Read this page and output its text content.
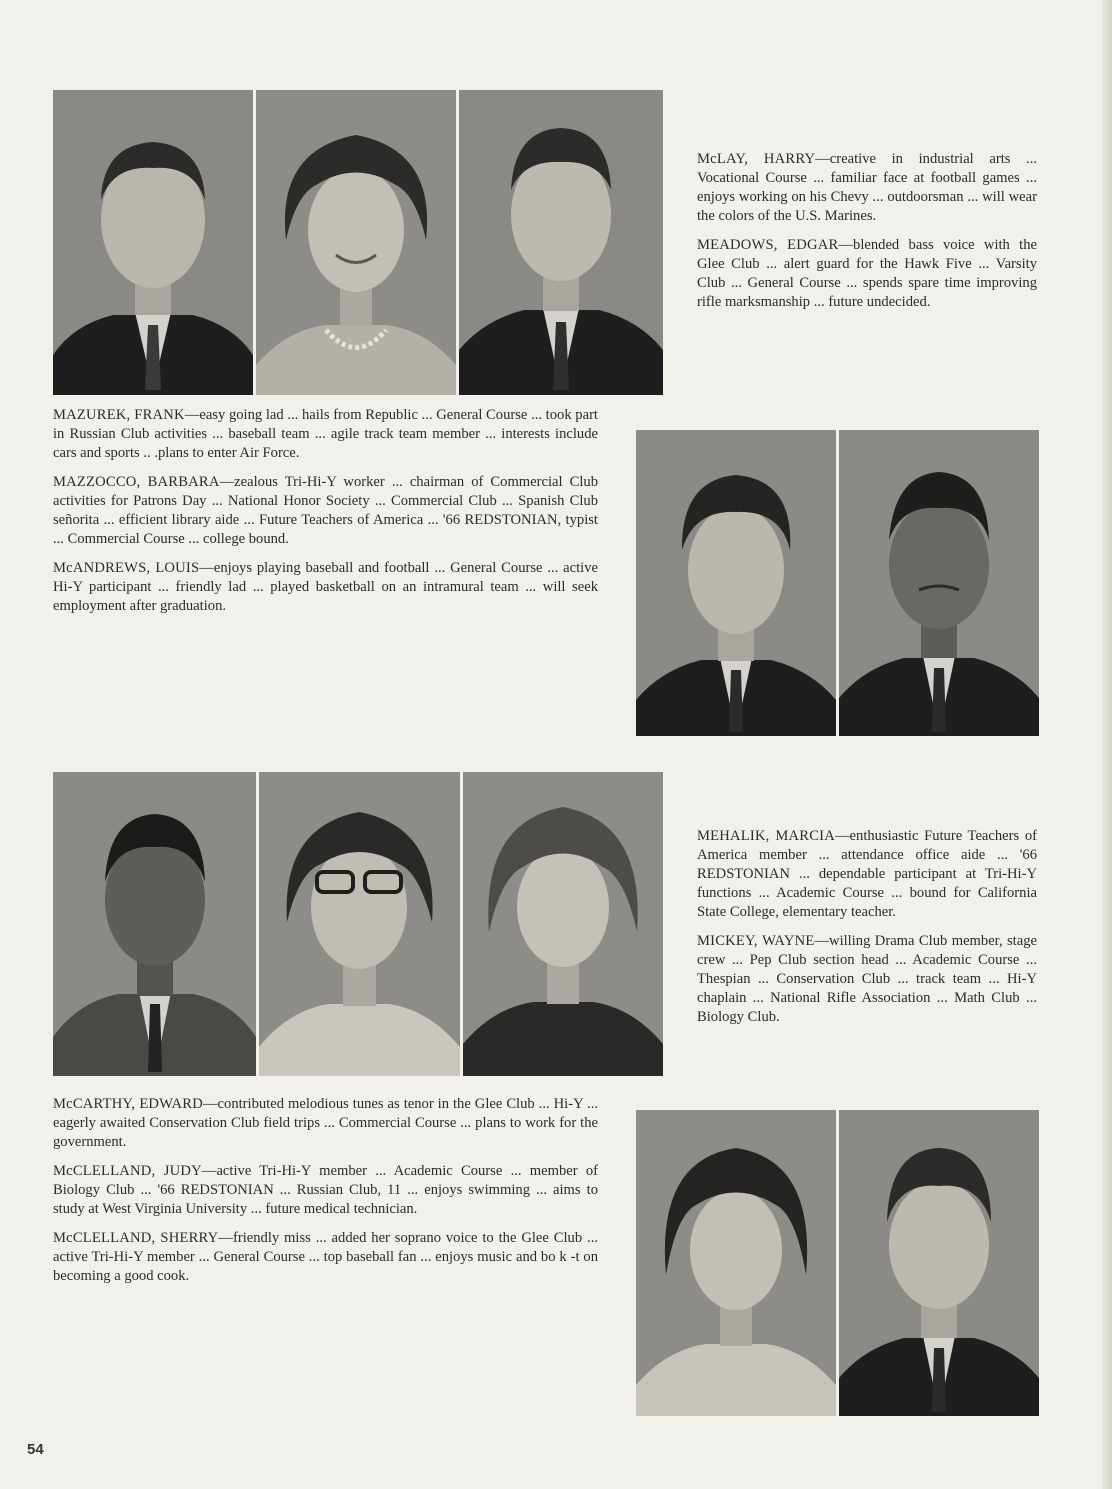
McLAY, HARRY—creative in industrial arts ... Vocational Course ... familiar face at football games ... enjoys working on his Chevy ... outdoorsman ... will wear the colors of the U.S. Marines.

MEADOWS, EDGAR—blended bass voice with the Glee Club ... alert guard for the Hawk Five ... Varsity Club ... General Course ... spends spare time improving rifle marksmanship ... future undecided.

MAZUREK, FRANK—easy going lad ... hails from Republic ... General Course ... took part in Russian Club activities ... baseball team ... agile track team member ... interests include cars and sports .. .plans to enter Air Force.

MAZZOCCO, BARBARA—zealous Tri-Hi-Y worker ... chairman of Commercial Club activities for Patrons Day ... National Honor Society ... Commercial Club ... Spanish Club señorita ... efficient library aide ... Future Teachers of America ... '66 REDSTONIAN, typist ... Commercial Course ... college bound.

McANDREWS, LOUIS—enjoys playing baseball and football ... General Course ... active Hi-Y participant ... friendly lad ... played basketball on an intramural team ... will seek employment after graduation.

MEHALIK, MARCIA—enthusiastic Future Teachers of America member ... attendance office aide ... '66 REDSTONIAN ... dependable participant at Tri-Hi-Y functions ... Academic Course ... bound for California State College, elementary teacher.

MICKEY, WAYNE—willing Drama Club member, stage crew ... Pep Club section head ... Academic Course ... Thespian ... Conservation Club ... track team ... Hi-Y chaplain ... National Rifle Association ... Math Club ... Biology Club.

McCARTHY, EDWARD—contributed melodious tunes as tenor in the Glee Club ... Hi-Y ... eagerly awaited Conservation Club field trips ... Commercial Course ... plans to work for the government.

McCLELLAND, JUDY—active Tri-Hi-Y member ... Academic Course ... member of Biology Club ... '66 REDSTONIAN ... Russian Club, 11 ... enjoys swimming ... aims to study at West Virginia University ... future medical technician.

McCLELLAND, SHERRY—friendly miss ... added her soprano voice to the Glee Club ... active Tri-Hi-Y member ... General Course ... top baseball fan ... enjoys music and bo k -t on becoming a good cook.

54
